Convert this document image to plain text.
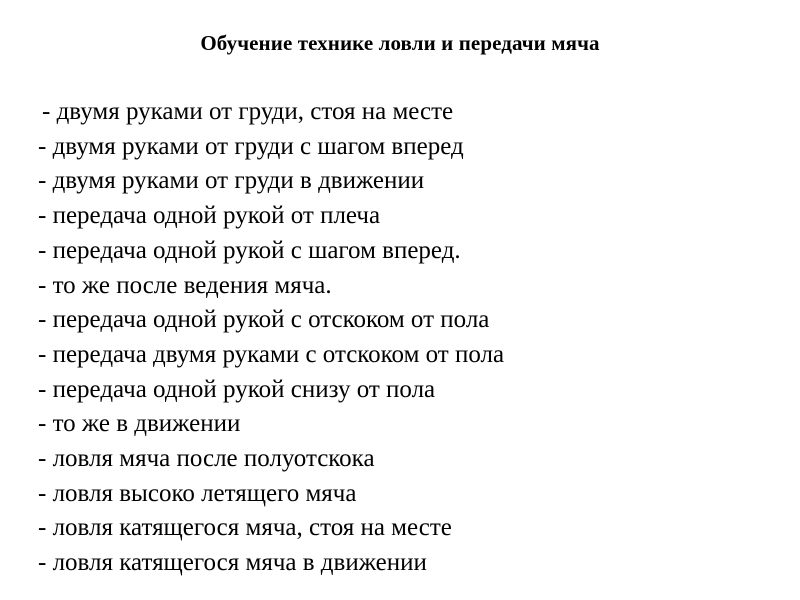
Обучение технике ловли и передачи мяча
- двумя руками от груди, стоя на месте
- двумя руками от груди с шагом вперед
- двумя руками от груди в движении
- передача одной рукой от плеча
- передача одной рукой с шагом вперед.
- то же после ведения мяча.
- передача одной рукой с отскоком от пола
- передача двумя руками с отскоком от пола
- передача одной рукой снизу от пола
- то же в движении
- ловля мяча после полуотскока
- ловля высоко летящего мяча
- ловля катящегося мяча, стоя на месте
- ловля катящегося мяча в движении
